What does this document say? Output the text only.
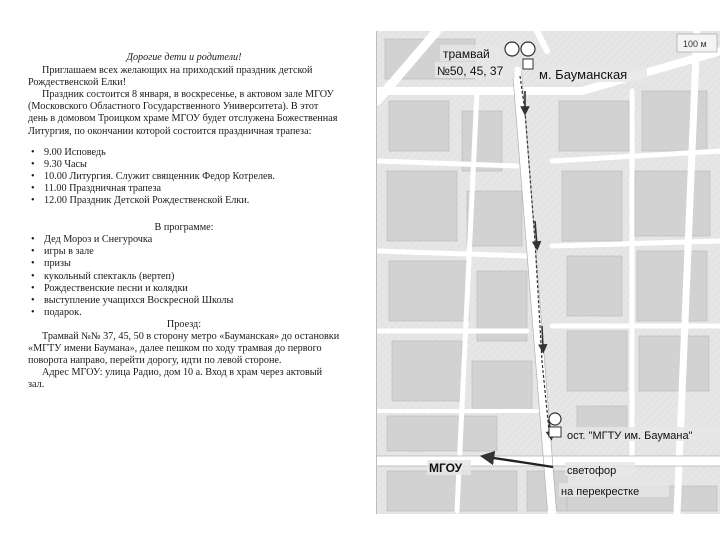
Дорогие дети и родители!

Приглашаем всех желающих на приходский праздник детской Рождественской Елки!

Праздник состоится 8 января, в воскресенье, в актовом зале МГОУ (Московского Областного Государственного Университета). В этот день в домовом Троицком храме МГОУ будет отслужена Божественная Литургия, по окончании которой состоится праздничная трапеза:

• 9.00 Исповедь
• 9.30 Часы
• 10.00 Литургия. Служит священник Федор Котрелев.
• 11.00 Праздничная трапеза
• 12.00 Праздник Детской Рождественской Елки.

В программе:

• Дед Мороз и Снегурочка
• игры в зале
• призы
• кукольный спектакль (вертеп)
• Рождественские песни и колядки
• выступление учащихся Воскресной Школы
• подарок.

Проезд:

Трамвай №№ 37, 45, 50 в сторону метро «Бауманская» до остановки «МГТУ имени Баумана», далее пешком по ходу трамвая до первого поворота направо, перейти дорогу, идти по левой стороне.

Адрес МГОУ: улица Радио, дом 10 а. Вход в храм через актовый зал.

100 м
трамвай
№50, 45, 37	м. Бауманская
ост. "МГТУ им. Баумана"
МГОУ	светофор
на перекрестке
